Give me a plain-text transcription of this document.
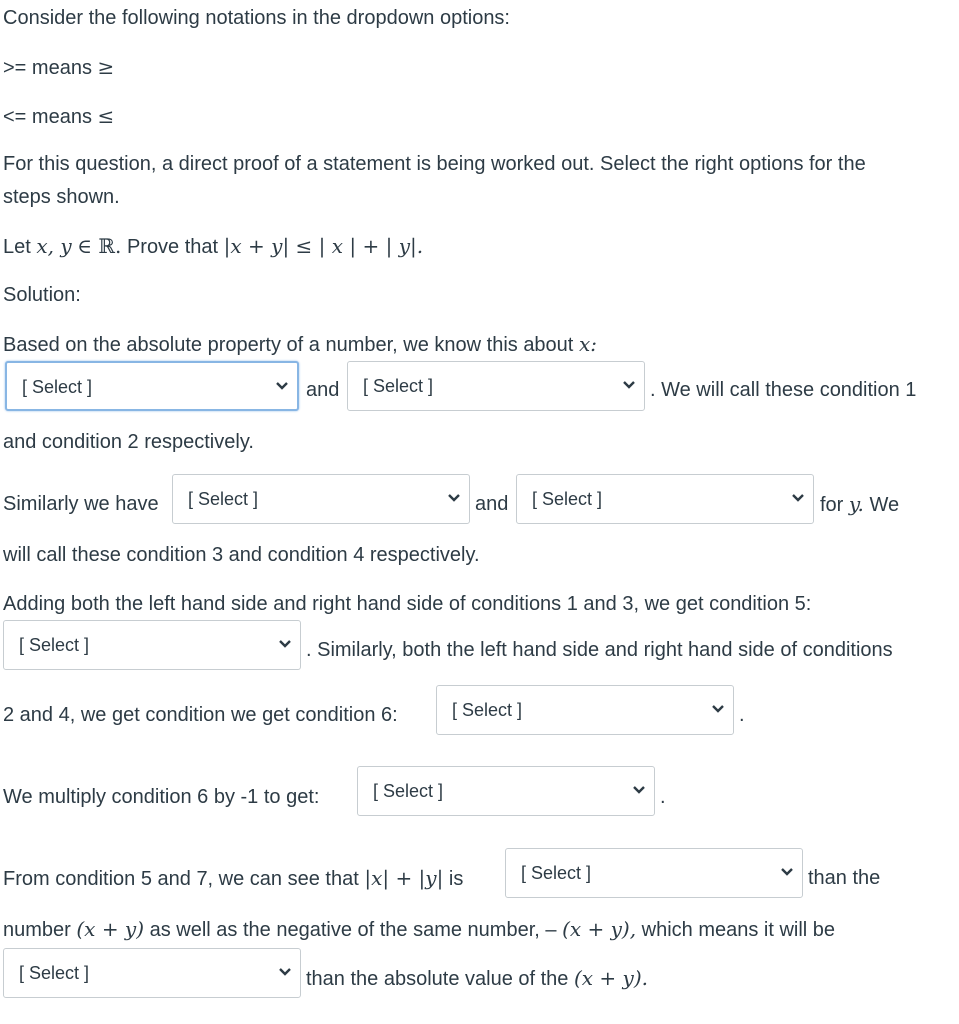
Consider the following notations in the dropdown options:
>= means ≥
<= means ≤
For this question, a direct proof of a statement is being worked out. Select the right options for the
steps shown.
Let x, y ∈ ℝ. Prove that |x + y| ≤ | x | + | y|.
Solution:
Based on the absolute property of a number, we know this about x:
[ Select ]	and [ Select ]	. We will call these condition 1
and condition 2 respectively.
Similarly we have [ Select ]	and [ Select ]	for y. We
will call these condition 3 and condition 4 respectively.
Adding both the left hand side and right hand side of conditions 1 and 3, we get condition 5:
[ Select ]	. Similarly, both the left hand side and right hand side of conditions
2 and 4, we get condition we get condition 6:	[ Select ]	.
We multiply condition 6 by -1 to get:	[ Select ]	.
From condition 5 and 7, we can see that |x| + |y| is	[ Select ]	than the
number (x + y) as well as the negative of the same number, – (x + y), which means it will be
[ Select ]	than the absolute value of the (x + y).
